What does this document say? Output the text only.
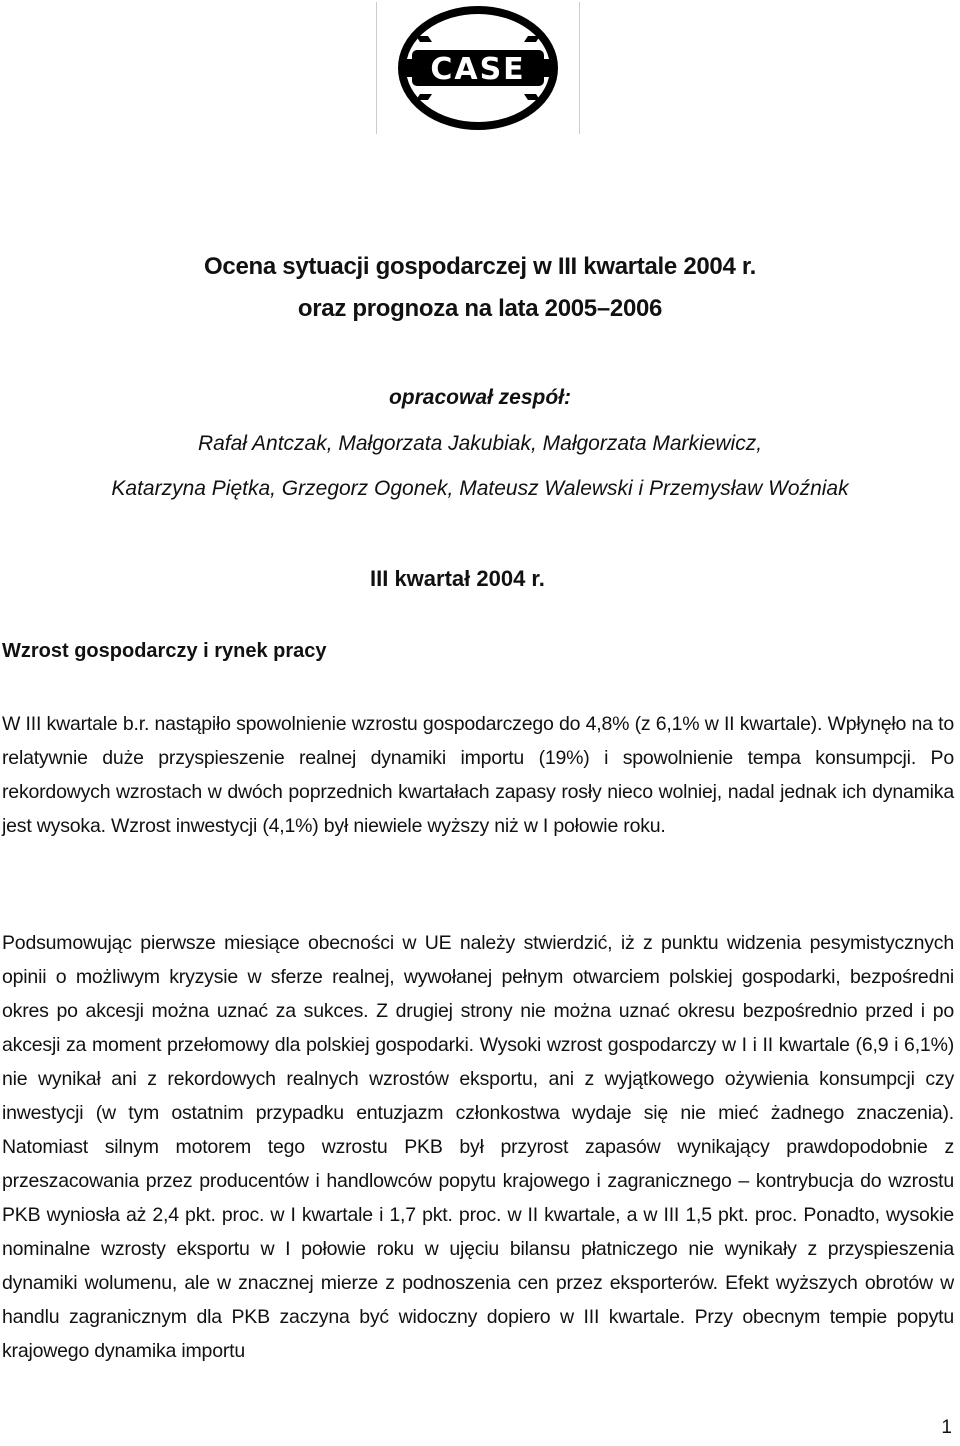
CASE
Ocena sytuacji gospodarczej w III kwartale 2004 r.
oraz prognoza na lata 2005–2006
opracował zespół:
Rafał Antczak, Małgorzata Jakubiak, Małgorzata Markiewicz,
Katarzyna Piętka, Grzegorz Ogonek, Mateusz Walewski i Przemysław Woźniak
III kwartał 2004 r.
Wzrost gospodarczy i rynek pracy

W III kwartale b.r. nastąpiło spowolnienie wzrostu gospodarczego do 4,8% (z 6,1% w II kwartale). Wpłynęło na to relatywnie duże przyspieszenie realnej dynamiki importu (19%) i spowolnienie tempa konsumpcji. Po rekordowych wzrostach w dwóch poprzednich kwartałach zapasy rosły nieco wolniej, nadal jednak ich dynamika jest wysoka. Wzrost inwestycji (4,1%) był niewiele wyższy niż w I połowie roku.

Podsumowując pierwsze miesiące obecności w UE należy stwierdzić, iż z punktu widzenia pesymistycznych opinii o możliwym kryzysie w sferze realnej, wywołanej pełnym otwarciem polskiej gospodarki, bezpośredni okres po akcesji można uznać za sukces. Z drugiej strony nie można uznać okresu bezpośrednio przed i po akcesji za moment przełomowy dla polskiej gospodarki. Wysoki wzrost gospodarczy w I i II kwartale (6,9 i 6,1%) nie wynikał ani z rekordowych realnych wzrostów eksportu, ani z wyjątkowego ożywienia konsumpcji czy inwestycji (w tym ostatnim przypadku entuzjazm członkostwa wydaje się nie mieć żadnego znaczenia). Natomiast silnym motorem tego wzrostu PKB był przyrost zapasów wynikający prawdopodobnie z przeszacowania przez producentów i handlowców popytu krajowego i zagranicznego – kontrybucja do wzrostu PKB wyniosła aż 2,4 pkt. proc. w I kwartale i 1,7 pkt. proc. w II kwartale, a w III 1,5 pkt. proc. Ponadto, wysokie nominalne wzrosty eksportu w I połowie roku w ujęciu bilansu płatniczego nie wynikały z przyspieszenia dynamiki wolumenu, ale w znacznej mierze z podnoszenia cen przez eksporterów. Efekt wyższych obrotów w handlu zagranicznym dla PKB zaczyna być widoczny dopiero w III kwartale. Przy obecnym tempie popytu krajowego dynamika importu

1
